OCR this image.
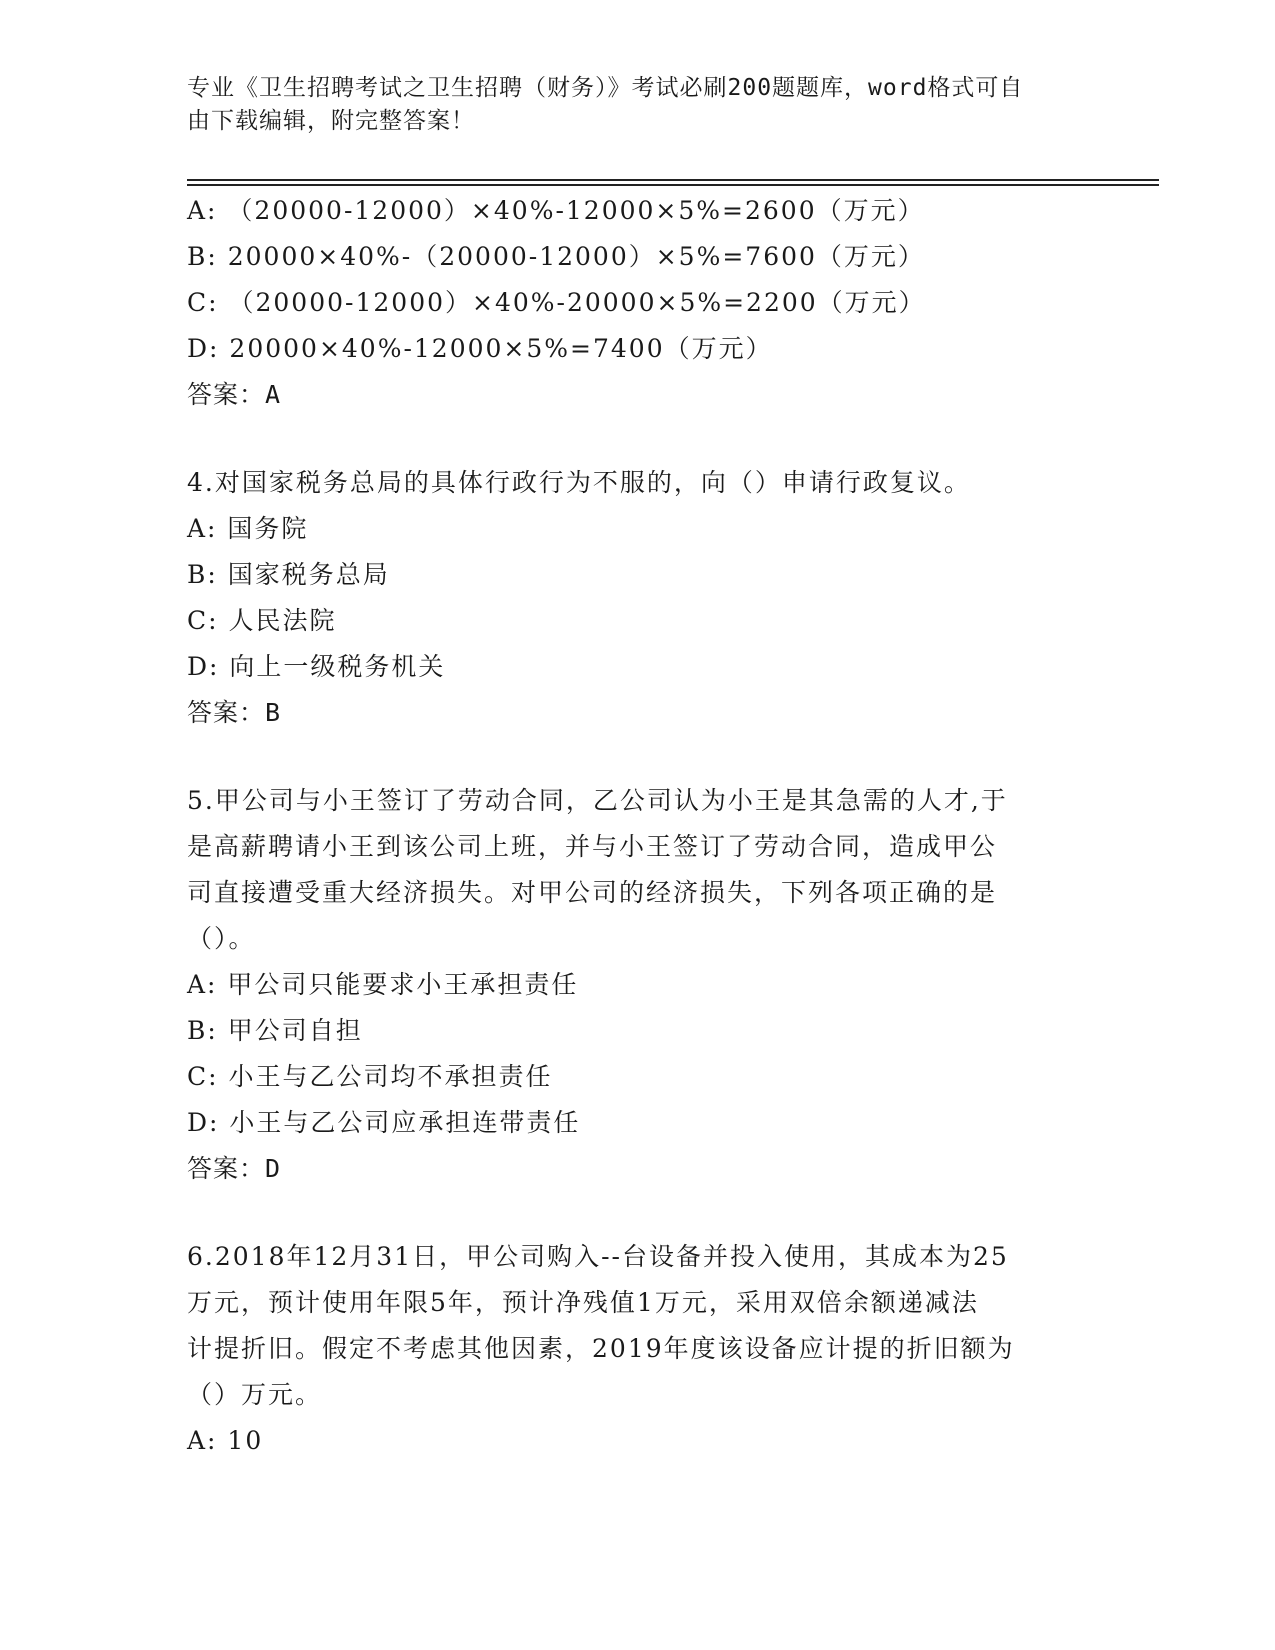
专业《卫生招聘考试之卫生招聘（财务）》考试必刷200题题库，word格式可自
由下载编辑，附完整答案！
A: （20000-12000）×40%-12000×5%=2600（万元）
B: 20000×40%-（20000-12000）×5%=7600（万元）
C: （20000-12000）×40%-20000×5%=2200（万元）
D: 20000×40%-12000×5%=7400（万元）
答案：A
4.对国家税务总局的具体行政行为不服的，向（）申请行政复议。
A: 国务院
B: 国家税务总局
C: 人民法院
D: 向上一级税务机关
答案：B
5.甲公司与小王签订了劳动合同，乙公司认为小王是其急需的人才,于
是高薪聘请小王到该公司上班，并与小王签订了劳动合同，造成甲公
司直接遭受重大经济损失。对甲公司的经济损失，下列各项正确的是
（）。
A: 甲公司只能要求小王承担责任
B: 甲公司自担
C: 小王与乙公司均不承担责任
D: 小王与乙公司应承担连带责任
答案：D
6.2018年12月31日，甲公司购入--台设备并投入使用，其成本为25
万元，预计使用年限5年，预计净残值1万元，采用双倍余额递减法
计提折旧。假定不考虑其他因素，2019年度该设备应计提的折旧额为
（）万元。
A: 10
